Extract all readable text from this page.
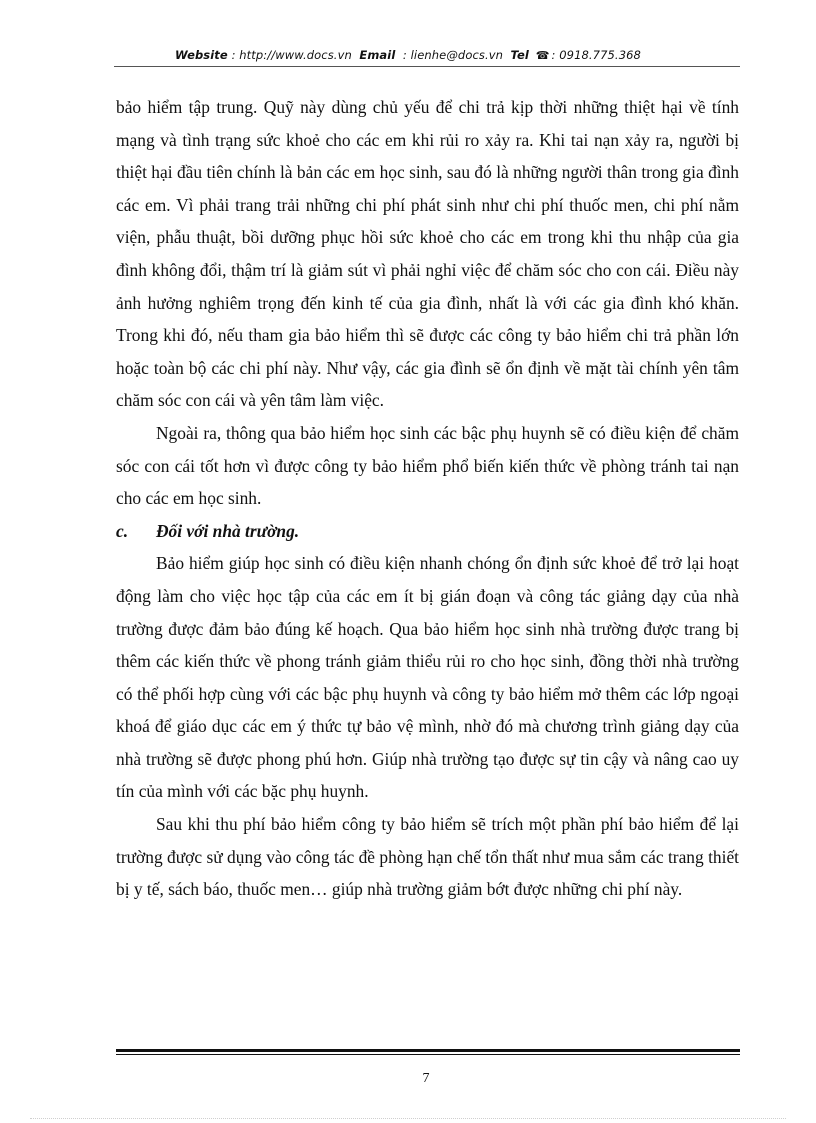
Website : http://www.docs.vn Email : lienhe@docs.vn Tel ☎ : 0918.775.368

bảo hiểm tập trung. Quỹ này dùng chủ yếu để chi trả kịp thời những thiệt hại về tính mạng và tình trạng sức khoẻ cho các em khi rủi ro xảy ra. Khi tai nạn xảy ra, người bị thiệt hại đầu tiên chính là bản các em học sinh, sau đó là những người thân trong gia đình các em. Vì phải trang trải những chi phí phát sinh như chi phí thuốc men, chi phí nằm viện, phẫu thuật, bồi dưỡng phục hồi sức khoẻ cho các em trong khi thu nhập của gia đình không đổi, thậm trí là giảm sút vì phải nghỉ việc để chăm sóc cho con cái. Điều này ảnh hưởng nghiêm trọng đến kinh tế của gia đình, nhất là với các gia đình khó khăn. Trong khi đó, nếu tham gia bảo hiểm thì sẽ được các công ty bảo hiểm chi trả phần lớn hoặc toàn bộ các chi phí này. Như vậy, các gia đình sẽ ổn định về mặt tài chính yên tâm chăm sóc con cái và yên tâm làm việc.

Ngoài ra, thông qua bảo hiểm học sinh các bậc phụ huynh sẽ có điều kiện để chăm sóc con cái tốt hơn vì được công ty bảo hiểm phổ biến kiến thức về phòng tránh tai nạn cho các em học sinh.

c. Đối với nhà trường.

Bảo hiểm giúp học sinh có điều kiện nhanh chóng ổn định sức khoẻ để trở lại hoạt động làm cho việc học tập của các em ít bị gián đoạn và công tác giảng dạy của nhà trường được đảm bảo đúng kế hoạch. Qua bảo hiểm học sinh nhà trường được trang bị thêm các kiến thức về phong tránh giảm thiểu rủi ro cho học sinh, đồng thời nhà trường có thể phối hợp cùng với các bậc phụ huynh và công ty bảo hiểm mở thêm các lớp ngoại khoá để giáo dục các em ý thức tự bảo vệ mình, nhờ đó mà chương trình giảng dạy của nhà trường sẽ được phong phú hơn. Giúp nhà trường tạo được sự tin cậy và nâng cao uy tín của mình với các bặc phụ huynh.

Sau khi thu phí bảo hiểm công ty bảo hiểm sẽ trích một phần phí bảo hiểm để lại trường được sử dụng vào công tác đề phòng hạn chế tổn thất như mua sắm các trang thiết bị y tế, sách báo, thuốc men… giúp nhà trường giảm bớt được những chi phí này.

7
